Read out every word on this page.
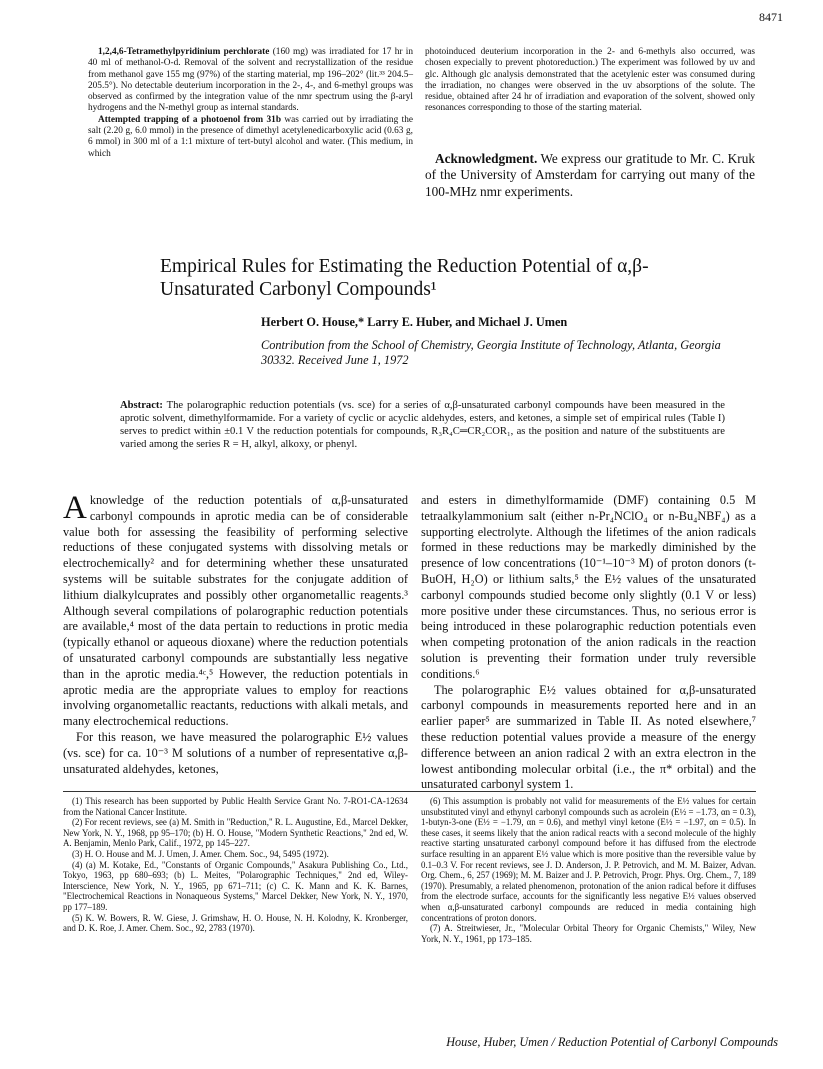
8471

1,2,4,6-Tetramethylpyridinium perchlorate (160 mg) was irradiated for 17 hr in 40 ml of methanol-O-d. Removal of the solvent and recrystallization of the residue from methanol gave 155 mg (97%) of the starting material, mp 196–202° (lit.³³ 204.5–205.5°). No detectable deuterium incorporation in the 2-, 4-, and 6-methyl groups was observed as confirmed by the integration value of the nmr spectrum using the β-aryl hydrogens and the N-methyl group as internal standards.

Attempted trapping of a photoenol from 31b was carried out by irradiating the salt (2.20 g, 6.0 mmol) in the presence of dimethyl acetylenedicarboxylic acid (0.63 g, 6 mmol) in 300 ml of a 1:1 mixture of tert-butyl alcohol and water. (This medium, in which

photoinduced deuterium incorporation in the 2- and 6-methyls also occurred, was chosen expecially to prevent photoreduction.) The experiment was followed by uv and glc. Although glc analysis demonstrated that the acetylenic ester was consumed during the irradiation, no changes were observed in the uv absorptions of the solute. The residue, obtained after 24 hr of irradiation and evaporation of the solvent, showed only resonances corresponding to those of the starting material.

Acknowledgment. We express our gratitude to Mr. C. Kruk of the University of Amsterdam for carrying out many of the 100-MHz nmr experiments.
Empirical Rules for Estimating the Reduction Potential of α,β-Unsaturated Carbonyl Compounds¹
Herbert O. House,* Larry E. Huber, and Michael J. Umen
Contribution from the School of Chemistry, Georgia Institute of Technology, Atlanta, Georgia 30332. Received June 1, 1972
Abstract: The polarographic reduction potentials (vs. sce) for a series of α,β-unsaturated carbonyl compounds have been measured in the aprotic solvent, dimethylformamide. For a variety of cyclic or acyclic aldehydes, esters, and ketones, a simple set of empirical rules (Table I) serves to predict within ±0.1 V the reduction potentials for compounds, R₃R₄C═CR₂COR₁, as the position and nature of the substituents are varied among the series R = H, alkyl, alkoxy, or phenyl.

Aknowledge of the reduction potentials of α,β-unsaturated carbonyl compounds in aprotic media can be of considerable value both for assessing the feasibility of performing selective reductions of these conjugated systems with dissolving metals or electrochemically² and for determining whether these unsaturated systems will be suitable substrates for the conjugate addition of lithium dialkylcuprates and possibly other organometallic reagents.³ Although several compilations of polarographic reduction potentials are available,⁴ most of the data pertain to reductions in protic media (typically ethanol or aqueous dioxane) where the reduction potentials of unsaturated carbonyl compounds are substantially less negative than in the aprotic media.⁴ᶜ,⁵ However, the reduction potentials in aprotic media are the appropriate values to employ for reactions involving organometallic reactants, reductions with alkali metals, and many electrochemical reductions.

For this reason, we have measured the polarographic E½ values (vs. sce) for ca. 10⁻³ M solutions of a number of representative α,β-unsaturated aldehydes, ketones,

and esters in dimethylformamide (DMF) containing 0.5 M tetraalkylammonium salt (either n-Pr₄NClO₄ or n-Bu₄NBF₄) as a supporting electrolyte. Although the lifetimes of the anion radicals formed in these reductions may be markedly diminished by the presence of low concentrations (10⁻¹–10⁻³ M) of proton donors (t-BuOH, H₂O) or lithium salts,⁵ the E½ values of the unsaturated carbonyl compounds studied become only slightly (0.1 V or less) more positive under these circumstances. Thus, no serious error is being introduced in these polarographic reduction potentials even when competing protonation of the anion radicals in the reaction solution is preventing their formation under truly reversible conditions.⁶

The polarographic E½ values obtained for α,β-unsaturated carbonyl compounds in measurements reported here and in an earlier paper⁵ are summarized in Table II. As noted elsewhere,⁷ these reduction potential values provide a measure of the energy difference between an anion radical 2 with an extra electron in the lowest antibonding molecular orbital (i.e., the π* orbital) and the unsaturated carbonyl system 1.

(1) This research has been supported by Public Health Service Grant No. 7-RO1-CA-12634 from the National Cancer Institute.

(2) For recent reviews, see (a) M. Smith in "Reduction," R. L. Augustine, Ed., Marcel Dekker, New York, N. Y., 1968, pp 95–170; (b) H. O. House, "Modern Synthetic Reactions," 2nd ed, W. A. Benjamin, Menlo Park, Calif., 1972, pp 145–227.

(3) H. O. House and M. J. Umen, J. Amer. Chem. Soc., 94, 5495 (1972).

(4) (a) M. Kotake, Ed., "Constants of Organic Compounds," Asakura Publishing Co., Ltd., Tokyo, 1963, pp 680–693; (b) L. Meites, "Polarographic Techniques," 2nd ed, Wiley-Interscience, New York, N. Y., 1965, pp 671–711; (c) C. K. Mann and K. K. Barnes, "Electrochemical Reactions in Nonaqueous Systems," Marcel Dekker, New York, N. Y., 1970, pp 177–189.

(5) K. W. Bowers, R. W. Giese, J. Grimshaw, H. O. House, N. H. Kolodny, K. Kronberger, and D. K. Roe, J. Amer. Chem. Soc., 92, 2783 (1970).

(6) This assumption is probably not valid for measurements of the E½ values for certain unsubstituted vinyl and ethynyl carbonyl compounds such as acrolein (E½ = −1.73, αn = 0.3), 1-butyn-3-one (E½ = −1.79, αn = 0.6), and methyl vinyl ketone (E½ = −1.97, αn = 0.5). In these cases, it seems likely that the anion radical reacts with a second molecule of the highly reactive starting unsaturated carbonyl compound before it has diffused from the electrode surface resulting in an apparent E½ value which is more positive than the reversible value by 0.1–0.3 V. For recent reviews, see J. D. Anderson, J. P. Petrovich, and M. M. Baizer, Advan. Org. Chem., 6, 257 (1969); M. M. Baizer and J. P. Petrovich, Progr. Phys. Org. Chem., 7, 189 (1970). Presumably, a related phenomenon, protonation of the anion radical before it diffuses from the electrode surface, accounts for the significantly less negative E½ values observed when α,β-unsaturated carbonyl compounds are reduced in media containing high concentrations of proton donors.

(7) A. Streitwieser, Jr., "Molecular Orbital Theory for Organic Chemists," Wiley, New York, N. Y., 1961, pp 173–185.

House, Huber, Umen / Reduction Potential of Carbonyl Compounds
